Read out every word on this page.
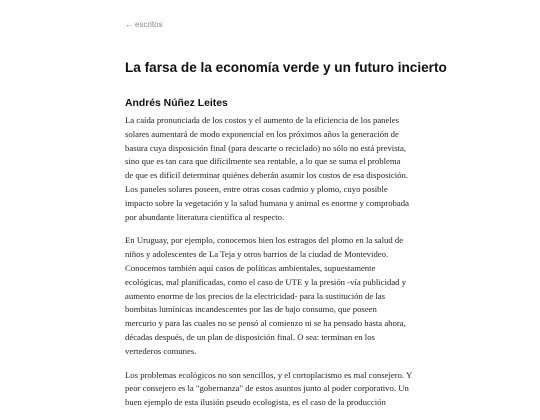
← escritos
La farsa de la economía verde y un futuro incierto
Andrés Núñez Leites

La caída pronunciada de los costos y el aumento de la eficiencia de los paneles
solares aumentará de modo exponencial en los próximos años la generación de
basura cuya disposición final (para descarte o reciclado) no sólo no está prevista,
sino que es tan cara que difícilmente sea rentable, a lo que se suma el problema
de que es difícil determinar quiénes deberán asumir los costos de esa disposición.
Los paneles solares poseen, entre otras cosas cadmio y plomo, cuyo posible
impacto sobre la vegetación y la salud humana y animal es enorme y comprobada
por abundante literatura científica al respecto.

En Uruguay, por ejemplo, conocemos bien los estragos del plomo en la salud de
niños y adolescentes de La Teja y otros barrios de la ciudad de Montevideo.
Conocemos también aquí casos de políticas ambientales, supuestamente
ecológicas, mal planificadas, como el caso de UTE y la presión -vía publicidad y
aumento enorme de los precios de la electricidad- para la sustitución de las
bombitas lumínicas incandescentes por las de bajo consumo, que poseen
mercurio y para las cuales no se pensó al comienzo ni se ha pensado hasta ahora,
décadas después, de un plan de disposición final. O sea: terminan en los
vertederos comunes.

Los problemas ecológicos no son sencillos, y el cortoplacismo es mal consejero. Y
peor consejero es la "gobernanza" de estos asuntos junto al poder corporativo. Un
buen ejemplo de esta ilusión pseudo ecologista, es el caso de la producción
